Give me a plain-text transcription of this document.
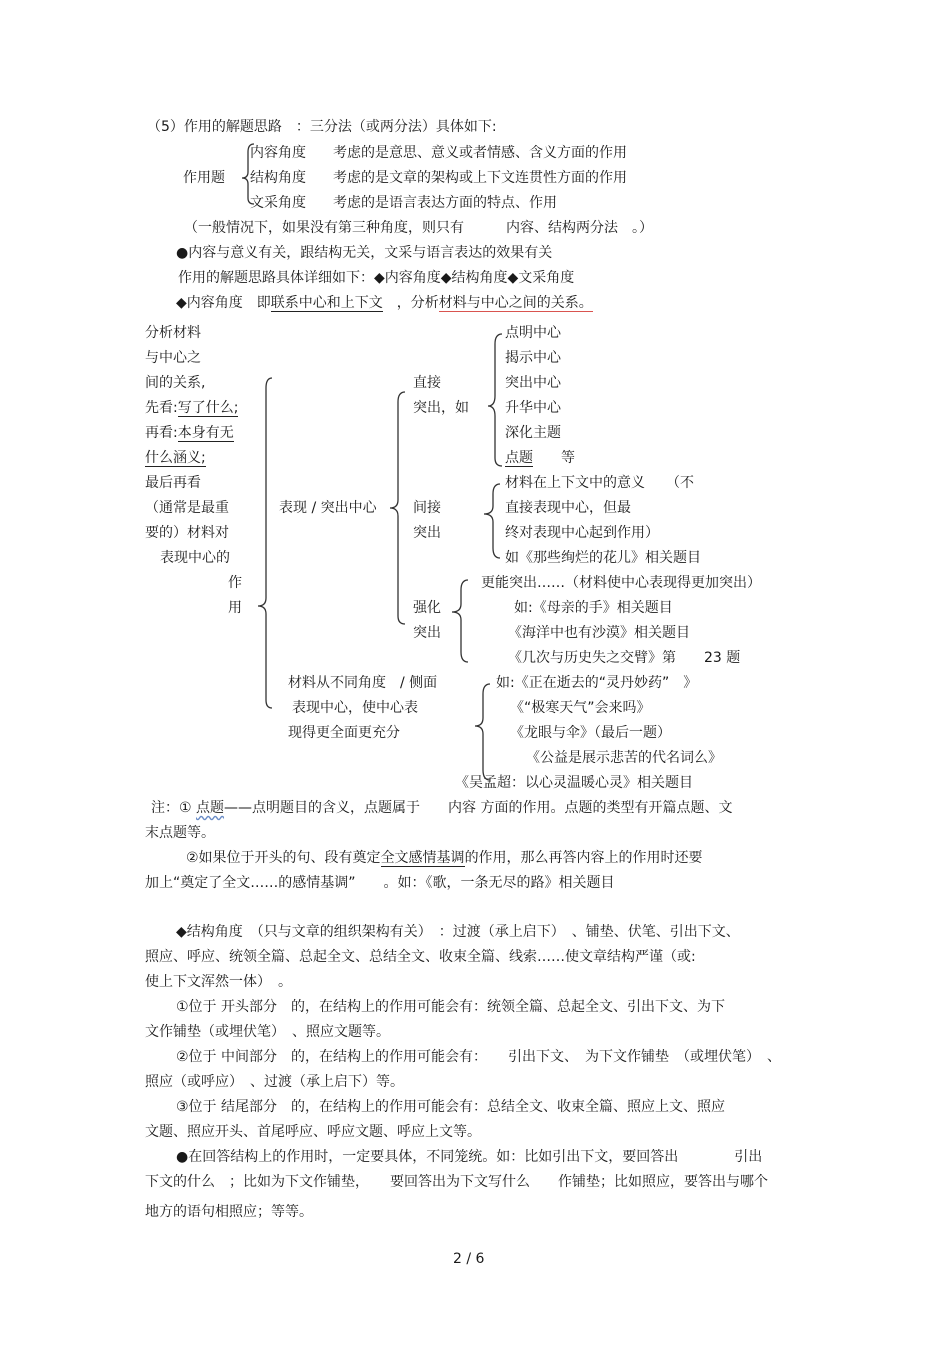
（5）作用的解题思路　：三分法（或两分法）具体如下:
内容角度 考虑的是意思、意义或者情感、含义方面的作用
作用题 结构角度 考虑的是文章的架构或上下文连贯性方面的作用
文采角度 考虑的是语言表达方面的特点、作用
（一般情况下，如果没有第三种角度，则只有　　　内容、结构两分法　。）
●内容与意义有关，跟结构无关，文采与语言表达的效果有关
作用的解题思路具体详细如下：◆内容角度◆结构角度◆文采角度
◆内容角度　即联系中心和上下文　 ，分析材料与中心之间的关系。
分析材料
与中心之
间的关系,
先看:写了什么;
再看:本身有无
什么涵义;
最后再看
（通常是最重
要的）材料对
表现中心的
作
用
表现 / 突出中心
材料从不同角度　/ 侧面
表现中心，使中心表
现得更全面更充分
直接
突出，如
点明中心
揭示中心
突出中心
升华中心
深化主题
点题　　 等
间接
突出
材料在上下文中的意义　　（不
直接表现中心，但最
终对表现中心起到作用）
如《那些绚烂的花儿》相关题目
强化
突出
更能突出……（材料使中心表现得更加突出）
如:《母亲的手》相关题目
《海洋中也有沙漠》相关题目
《几次与历史失之交臂》第　　23 题
如:《正在逝去的“灵丹妙药”　》
《“极寒天气”会来吗》
《龙眼与伞》（最后一题）
《公益是展示悲苦的代名词么》
《吴孟超：以心灵温暖心灵》相关题目
注：① 点题——点明题目的含义，点题属于　　内容 方面的作用。点题的类型有开篇点题、文
末点题等。
②如果位于开头的句、段有奠定全文感情基调的作用，那么再答内容上的作用时还要
加上“奠定了全文……的感情基调”　　。如：《歌，一条无尽的路》相关题目
◆结构角度　（只与文章的组织架构有关）　：过渡（承上启下）　、铺垫、伏笔、引出下文、
照应、呼应、统领全篇、总起全文、总结全文、收束全篇、线索……使文章结构严谨（或:
使上下文浑然一体）　。
①位于 开头部分　的，在结构上的作用可能会有：统领全篇、总起全文、引出下文、为下
文作铺垫（或埋伏笔）　、照应文题等。
②位于 中间部分　的，在结构上的作用可能会有：　　引出下文、　为下文作铺垫　（或埋伏笔）　、
照应（或呼应）　、过渡（承上启下）等。
③位于 结尾部分　的，在结构上的作用可能会有：总结全文、收束全篇、照应上文、照应
文题、照应开头、首尾呼应、呼应文题、呼应上文等。
●在回答结构上的作用时，一定要具体，不同笼统。如：比如引出下文，要回答出　　　　引出
下文的什么　；比如为下文作铺垫，　　要回答出为下文写什么　　作铺垫；比如照应，要答出与哪个
地方的语句相照应；等等。
2 / 6
